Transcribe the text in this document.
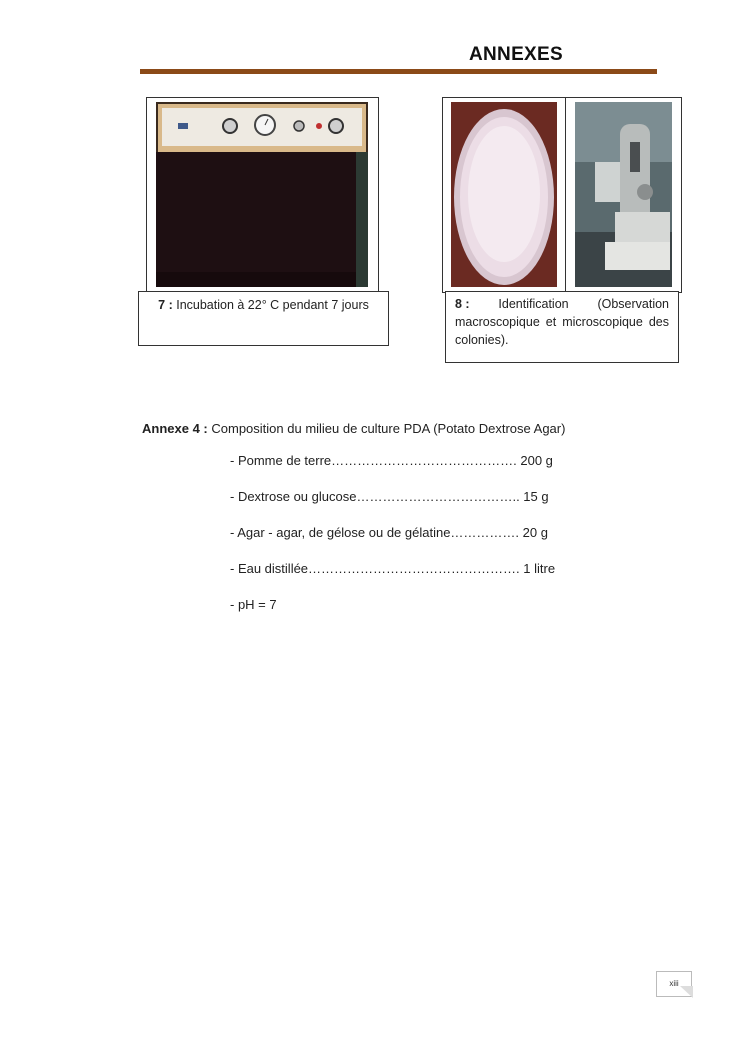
ANNEXES
7 : Incubation à 22° C pendant 7 jours	8 : Identification (Observation
macroscopique et microscopique des colonies).
Annexe 4 : Composition du milieu de culture PDA (Potato Dextrose Agar)
- Pomme de terre……………………………………. 200 g
- Dextrose ou glucose……………………………….. 15 g
- Agar - agar, de gélose ou de gélatine……………. 20 g
- Eau distillée…………………………………………. 1 litre
- pH = 7
xiii
